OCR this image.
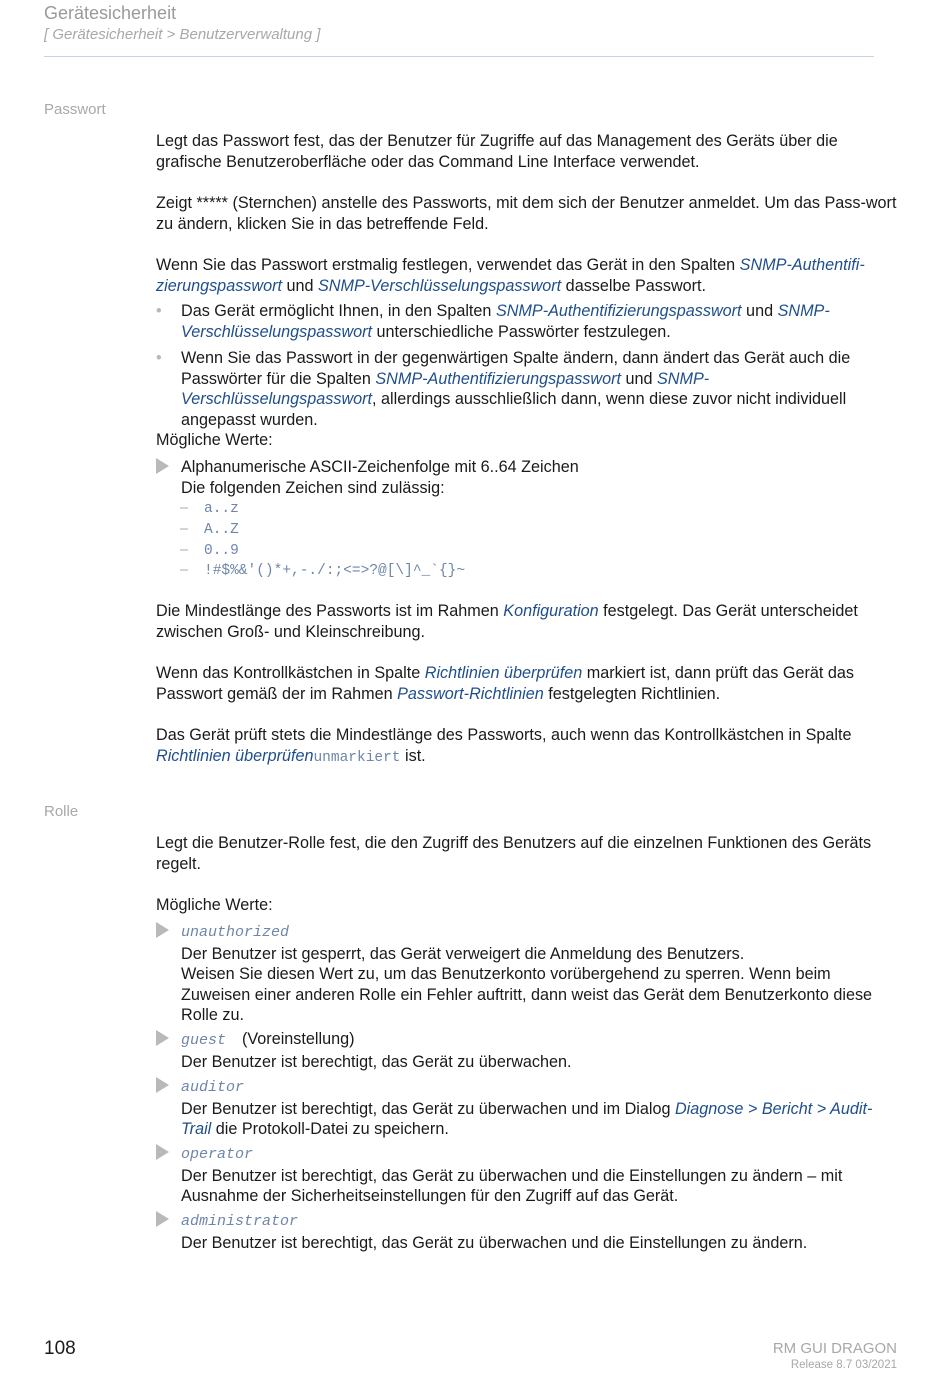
Gerätesicherheit
[ Gerätesicherheit > Benutzerverwaltung ]
Passwort
Legt das Passwort fest, das der Benutzer für Zugriffe auf das Management des Geräts über die grafische Benutzeroberfläche oder das Command Line Interface verwendet.
Zeigt ***** (Sternchen) anstelle des Passworts, mit dem sich der Benutzer anmeldet. Um das Pass-wort zu ändern, klicken Sie in das betreffende Feld.
Wenn Sie das Passwort erstmalig festlegen, verwendet das Gerät in den Spalten SNMP-Authentifi-zierungspasswort und SNMP-Verschlüsselungspasswort dasselbe Passwort.
• Das Gerät ermöglicht Ihnen, in den Spalten SNMP-Authentifizierungspasswort und SNMP-Verschlüsselungspasswort unterschiedliche Passwörter festzulegen.
• Wenn Sie das Passwort in der gegenwärtigen Spalte ändern, dann ändert das Gerät auch die Passwörter für die Spalten SNMP-Authentifizierungspasswort und SNMP-Verschlüsselungspasswort, allerdings ausschließlich dann, wenn diese zuvor nicht individuell angepasst wurden.
Mögliche Werte:
Alphanumerische ASCII-Zeichenfolge mit 6..64 Zeichen
Die folgenden Zeichen sind zulässig:
– a..z
– A..Z
– 0..9
– !#$%&'()*+,-./:;<=>?@[\]^_`{}~
Die Mindestlänge des Passworts ist im Rahmen Konfiguration festgelegt. Das Gerät unterscheidet zwischen Groß- und Kleinschreibung.
Wenn das Kontrollkästchen in Spalte Richtlinien überprüfen markiert ist, dann prüft das Gerät das Passwort gemäß der im Rahmen Passwort-Richtlinien festgelegten Richtlinien.
Das Gerät prüft stets die Mindestlänge des Passworts, auch wenn das Kontrollkästchen in Spalte Richtlinien überprüfenunmarkiert ist.
Rolle
Legt die Benutzer-Rolle fest, die den Zugriff des Benutzers auf die einzelnen Funktionen des Geräts regelt.
Mögliche Werte:
unauthorized
Der Benutzer ist gesperrt, das Gerät verweigert die Anmeldung des Benutzers.
Weisen Sie diesen Wert zu, um das Benutzerkonto vorübergehend zu sperren. Wenn beim Zuweisen einer anderen Rolle ein Fehler auftritt, dann weist das Gerät dem Benutzerkonto diese Rolle zu.
guest (Voreinstellung)
Der Benutzer ist berechtigt, das Gerät zu überwachen.
auditor
Der Benutzer ist berechtigt, das Gerät zu überwachen und im Dialog Diagnose > Bericht > Audit-Trail die Protokoll-Datei zu speichern.
operator
Der Benutzer ist berechtigt, das Gerät zu überwachen und die Einstellungen zu ändern – mit Ausnahme der Sicherheitseinstellungen für den Zugriff auf das Gerät.
administrator
Der Benutzer ist berechtigt, das Gerät zu überwachen und die Einstellungen zu ändern.
108	RM GUI DRAGON
Release 8.7 03/2021
